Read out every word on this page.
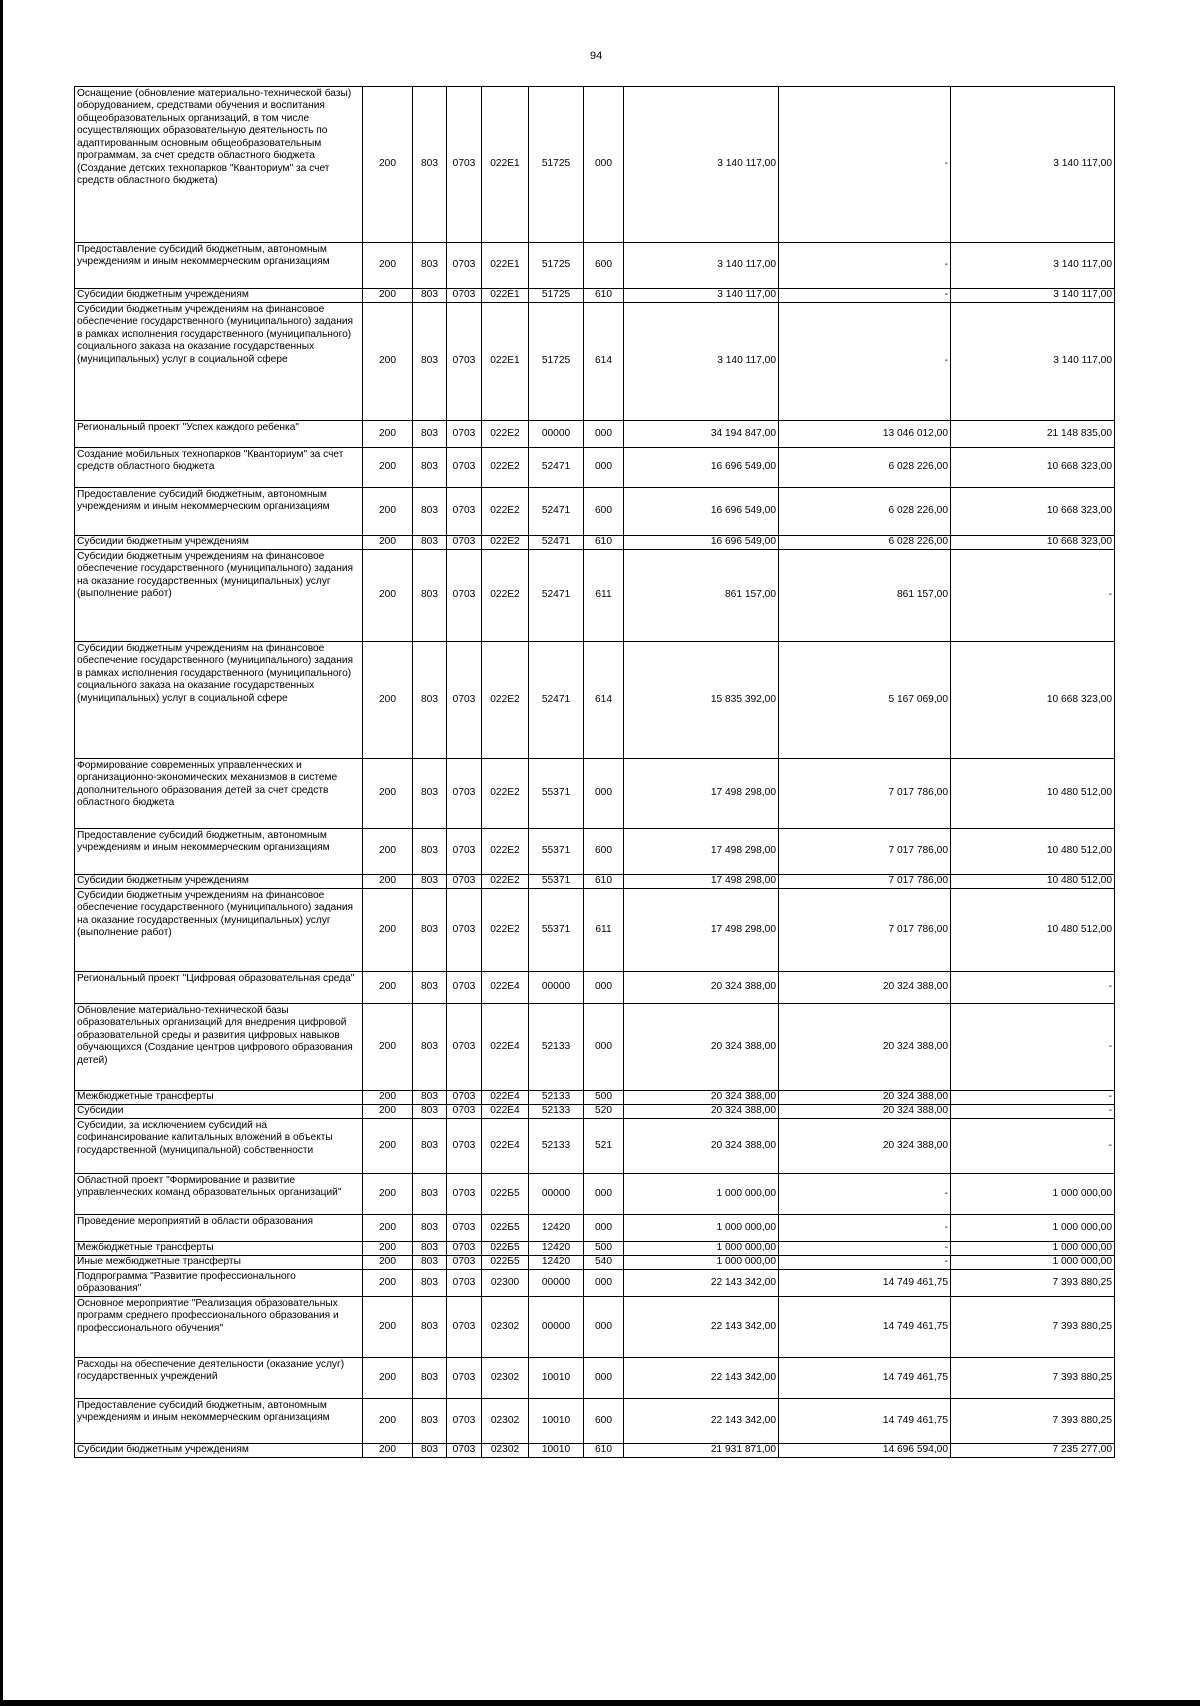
94
Оснащение (обновление материально-технической базы) оборудованием, средствами обучения и воспитания общеобразовательных организаций, в том числе осуществляющих образовательную деятельность по адаптированным основным общеобразовательным программам, за счет средств областного бюджета (Создание детских технопарков "Кванториум" за счет средств областного бюджета)	200	803	0703	022E1	51725	000	3 140 117,00	-	3 140 117,00
Предоставление субсидий бюджетным, автономным учреждениям и иным некоммерческим организациям	200	803	0703	022E1	51725	600	3 140 117,00	-	3 140 117,00
Субсидии бюджетным учреждениям	200	803	0703	022E1	51725	610	3 140 117,00	-	3 140 117,00
Субсидии бюджетным учреждениям на финансовое обеспечение государственного (муниципального) задания в рамках исполнения государственного (муниципального) социального заказа на оказание государственных (муниципальных) услуг в социальной сфере	200	803	0703	022E1	51725	614	3 140 117,00	-	3 140 117,00
Региональный проект "Успех каждого ребенка"	200	803	0703	022E2	00000	000	34 194 847,00	13 046 012,00	21 148 835,00
Создание мобильных технопарков "Кванториум" за счет средств областного бюджета	200	803	0703	022E2	52471	000	16 696 549,00	6 028 226,00	10 668 323,00
Предоставление субсидий бюджетным, автономным учреждениям и иным некоммерческим организациям	200	803	0703	022E2	52471	600	16 696 549,00	6 028 226,00	10 668 323,00
Субсидии бюджетным учреждениям	200	803	0703	022E2	52471	610	16 696 549,00	6 028 226,00	10 668 323,00
Субсидии бюджетным учреждениям на финансовое обеспечение государственного (муниципального) задания на оказание государственных (муниципальных) услуг (выполнение работ)	200	803	0703	022E2	52471	611	861 157,00	861 157,00	-
Субсидии бюджетным учреждениям на финансовое обеспечение государственного (муниципального) задания в рамках исполнения государственного (муниципального) социального заказа на оказание государственных (муниципальных) услуг в социальной сфере	200	803	0703	022E2	52471	614	15 835 392,00	5 167 069,00	10 668 323,00
Формирование современных управленческих и организационно-экономических механизмов в системе дополнительного образования детей за счет средств областного бюджета	200	803	0703	022E2	55371	000	17 498 298,00	7 017 786,00	10 480 512,00
Предоставление субсидий бюджетным, автономным учреждениям и иным некоммерческим организациям	200	803	0703	022E2	55371	600	17 498 298,00	7 017 786,00	10 480 512,00
Субсидии бюджетным учреждениям	200	803	0703	022E2	55371	610	17 498 298,00	7 017 786,00	10 480 512,00
Субсидии бюджетным учреждениям на финансовое обеспечение государственного (муниципального) задания на оказание государственных (муниципальных) услуг (выполнение работ)	200	803	0703	022E2	55371	611	17 498 298,00	7 017 786,00	10 480 512,00
Региональный проект "Цифровая образовательная среда"	200	803	0703	022E4	00000	000	20 324 388,00	20 324 388,00	-
Обновление материально-технической базы образовательных организаций для внедрения цифровой образовательной среды и развития цифровых навыков обучающихся (Создание центров цифрового образования детей)	200	803	0703	022E4	52133	000	20 324 388,00	20 324 388,00	-
Межбюджетные трансферты	200	803	0703	022E4	52133	500	20 324 388,00	20 324 388,00	-
Субсидии	200	803	0703	022E4	52133	520	20 324 388,00	20 324 388,00	-
Субсидии, за исключением субсидий на софинансирование капитальных вложений в объекты государственной (муниципальной) собственности	200	803	0703	022E4	52133	521	20 324 388,00	20 324 388,00	-
Областной проект "Формирование и развитие управленческих команд образовательных организаций"	200	803	0703	022Б5	00000	000	1 000 000,00	-	1 000 000,00
Проведение мероприятий в области образования	200	803	0703	022Б5	12420	000	1 000 000,00	-	1 000 000,00
Межбюджетные трансферты	200	803	0703	022Б5	12420	500	1 000 000,00	-	1 000 000,00
Иные межбюджетные трансферты	200	803	0703	022Б5	12420	540	1 000 000,00	-	1 000 000,00
Подпрограмма "Развитие профессионального образования"	200	803	0703	02300	00000	000	22 143 342,00	14 749 461,75	7 393 880,25
Основное мероприятие "Реализация образовательных программ среднего профессионального образования и профессионального обучения"	200	803	0703	02302	00000	000	22 143 342,00	14 749 461,75	7 393 880,25
Расходы на обеспечение деятельности (оказание услуг) государственных учреждений	200	803	0703	02302	10010	000	22 143 342,00	14 749 461,75	7 393 880,25
Предоставление субсидий бюджетным, автономным учреждениям и иным некоммерческим организациям	200	803	0703	02302	10010	600	22 143 342,00	14 749 461,75	7 393 880,25
Субсидии бюджетным учреждениям	200	803	0703	02302	10010	610	21 931 871,00	14 696 594,00	7 235 277,00
